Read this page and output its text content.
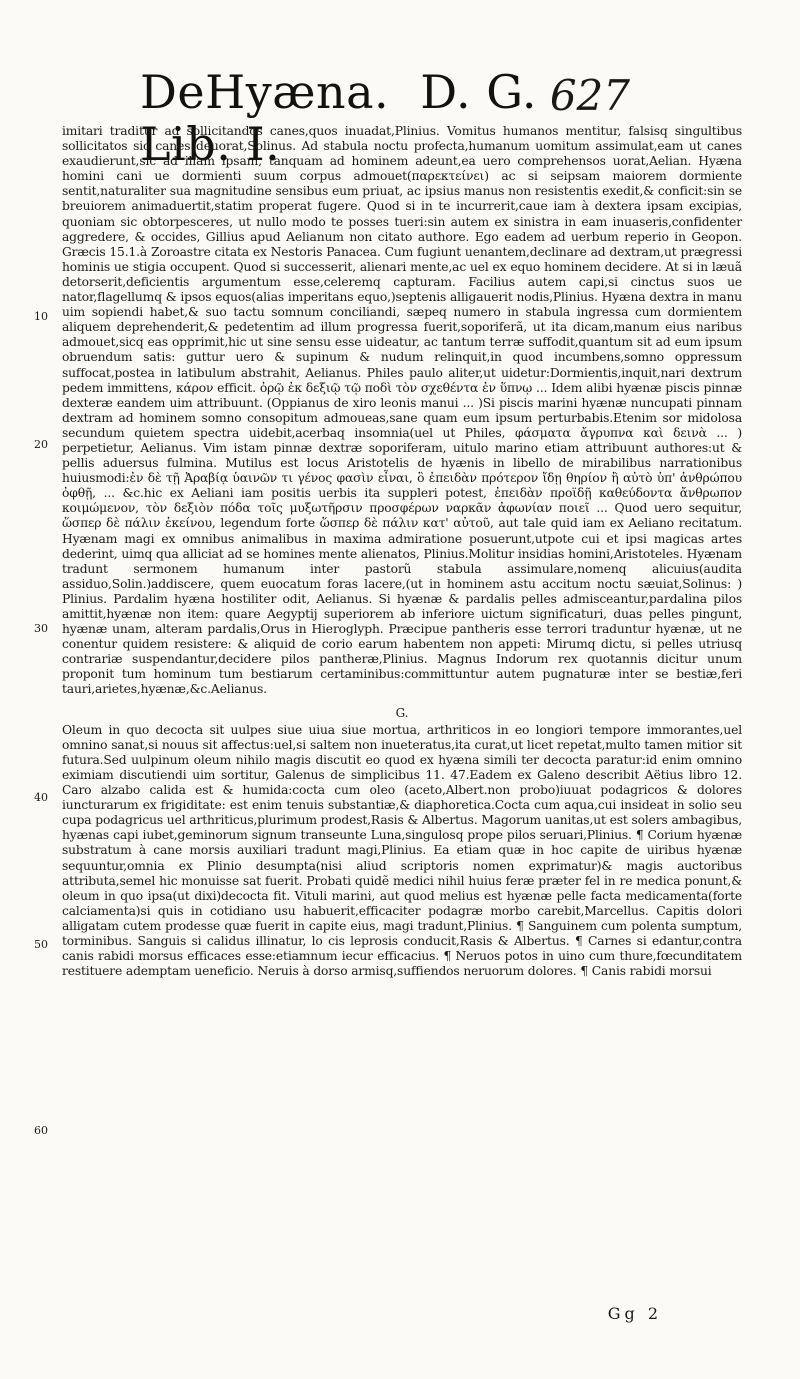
DeHyæna. D. G. Lib. I.
627
10
20
30
40
50
60

imitari traditur ad sollicitandos canes,quos inuadat,Plinius. Vomitus humanos mentitur, falsisq singultibus sollicitatos sic canes deuorat,Solinus. Ad stabula noctu profecta,humanum uomitum assimulat,eam ut canes exaudierunt,sic ad illam ipsam, tanquam ad hominem adeunt,ea uero comprehensos uorat,Aelian. Hyæna homini cani ue dormienti suum corpus admouet(παρεκτείνει) ac si seipsam maiorem dormiente sentit,naturaliter sua magnitudine sensibus eum priuat, ac ipsius manus non resistentis exedit,& conficit:sin se breuiorem animaduertit,statim properat fugere. Quod si in te incurrerit,caue iam à dextera ipsam excipias, quoniam sic obtorpesceres, ut nullo modo te posses tueri:sin autem ex sinistra in eam inuaseris,confidenter aggredere, & occides, Gillius apud Aelianum non citato authore. Ego eadem ad uerbum reperio in Geopon. Græcis 15.1.à Zoroastre citata ex Nestoris Panacea. Cum fugiunt uenantem,declinare ad dextram,ut prægressi hominis ue stigia occupent. Quod si successerit, alienari mente,ac uel ex equo hominem decidere. At si in læuã detorserit,deficientis argumentum esse,celeremq capturam. Facilius autem capi,si cinctus suos ue nator,flagellumq & ipsos equos(alias imperitans equo,)septenis alligauerit nodis,Plinius. Hyæna dextra in manu uim sopiendi habet,& suo tactu somnum conciliandi, sæpeq numero in stabula ingressa cum dormientem aliquem deprehenderit,& pedetentim ad illum progressa fuerit,soporiferã, ut ita dicam,manum eius naribus admouet,sicq eas opprimit,hic ut sine sensu esse uideatur, ac tantum terræ suffodit,quantum sit ad eum ipsum obruendum satis: guttur uero & supinum & nudum relinquit,in quod incumbens,somno oppressum suffocat,postea in latibulum abstrahit, Aelianus. Philes paulo aliter,ut uidetur:Dormientis,inquit,nari dextrum pedem immittens, κάρον efficit. ὀρῷ ἐκ δεξιῷ τῷ ποδὶ τὸν σχεθέντα ἐν ὕπνῳ ... Idem alibi hyænæ piscis pinnæ dexteræ eandem uim attribuunt. (Oppianus de xiro leonis manui ... )Si piscis marini hyænæ nuncupati pinnam dextram ad hominem somno consopitum admoueas,sane quam eum ipsum perturbabis.Etenim sor midolosa secundum quietem spectra uidebit,acerbaq insomnia(uel ut Philes, φάσματα ἄγρυπνα καὶ δεινὰ ... ) perpetietur, Aelianus. Vim istam pinnæ dextræ soporiferam, uitulo marino etiam attribuunt authores:ut & pellis aduersus fulmina. Mutilus est locus Aristotelis de hyænis in libello de mirabilibus narrationibus huiusmodi:ἐν δὲ τῇ Ἀραβίᾳ ὑαινῶν τι γένος φασὶν εἶναι, ὃ ἐπειδὰν πρότερον ἴδῃ θηρίον ἢ αὐτὸ ὑπ' ἀνθρώπου ὀφθῇ, ... &c.hic ex Aeliani iam positis uerbis ita suppleri potest, ἐπειδὰν προϊδῇ καθεύδοντα ἄνθρωπον κοιμώμενον, τὸν δεξιὸν πόδα τοῖς μυξωτῆρσιν προσφέρων ναρκᾶν ἀφωνίαν ποιεῖ ... Quod uero sequitur, ὥσπερ δὲ πάλιν ἐκείνου, legendum forte ὥσπερ δὲ πάλιν κατ' αὐτοῦ, aut tale quid iam ex Aeliano recitatum. Hyænam magi ex omnibus animalibus in maxima admiratione posuerunt,utpote cui et ipsi magicas artes dederint, uimq qua alliciat ad se homines mente alienatos, Plinius.Molitur insidias homini,Aristoteles. Hyænam tradunt sermonem humanum inter pastorũ stabula assimulare,nomenq alicuius(audita assiduo,Solin.)addiscere, quem euocatum foras lacere,(ut in hominem astu accitum noctu sæuiat,Solinus: ) Plinius. Pardalim hyæna hostiliter odit, Aelianus. Si hyænæ & pardalis pelles admisceantur,pardalina pilos amittit,hyænæ non item: quare Aegyptij superiorem ab inferiore uictum significaturi, duas pelles pingunt, hyænæ unam, alteram pardalis,Orus in Hieroglyph. Præcipue pantheris esse terrori traduntur hyænæ, ut ne conentur quidem resistere: & aliquid de corio earum habentem non appeti: Mirumq dictu, si pelles utriusq contrariæ suspendantur,decidere pilos pantheræ,Plinius. Magnus Indorum rex quotannis dicitur unum proponit tum hominum tum bestiarum certaminibus:committuntur autem pugnaturæ inter se bestiæ,feri tauri,arietes,hyænæ,&c.Aelianus.

G.

Oleum in quo decocta sit uulpes siue uiua siue mortua, arthriticos in eo longiori tempore immorantes,uel omnino sanat,si nouus sit affectus:uel,si saltem non inueteratus,ita curat,ut licet repetat,multo tamen mitior sit futura.Sed uulpinum oleum nihilo magis discutit eo quod ex hyæna simili ter decocta paratur:id enim omnino eximiam discutiendi uim sortitur, Galenus de simplicibus 11. 47.Eadem ex Galeno describit Aëtius libro 12. Caro alzabo calida est & humida:cocta cum oleo (aceto,Albert.non probo)iuuat podagricos & dolores iuncturarum ex frigiditate: est enim tenuis substantiæ,& diaphoretica.Cocta cum aqua,cui insideat in solio seu cupa podagricus uel arthriticus,plurimum prodest,Rasis & Albertus. Magorum uanitas,ut est solers ambagibus, hyænas capi iubet,geminorum signum transeunte Luna,singulosq prope pilos seruari,Plinius. ¶ Corium hyænæ substratum à cane morsis auxiliari tradunt magi,Plinius. Ea etiam quæ in hoc capite de uiribus hyænæ sequuntur,omnia ex Plinio desumpta(nisi aliud scriptoris nomen exprimatur)& magis auctoribus attributa,semel hic monuisse sat fuerit. Probati quidẽ medici nihil huius feræ præter fel in re medica ponunt,& oleum in quo ipsa(ut dixi)decocta fit. Vituli marini, aut quod melius est hyænæ pelle facta medicamenta(forte calciamenta)si quis in cotidiano usu habuerit,efficaciter podagræ morbo carebit,Marcellus. Capitis dolori alligatam cutem prodesse quæ fuerit in capite eius, magi tradunt,Plinius. ¶ Sanguinem cum polenta sumptum, torminibus. Sanguis si calidus illinatur, lo cis leprosis conducit,Rasis & Albertus. ¶ Carnes si edantur,contra canis rabidi morsus efficaces esse:etiamnum iecur efficacius. ¶ Neruos potos in uino cum thure,fœcunditatem restituere ademptam ueneficio. Neruis à dorso armisq,suffiendos neruorum dolores. ¶ Canis rabidi morsui

Gg 2
